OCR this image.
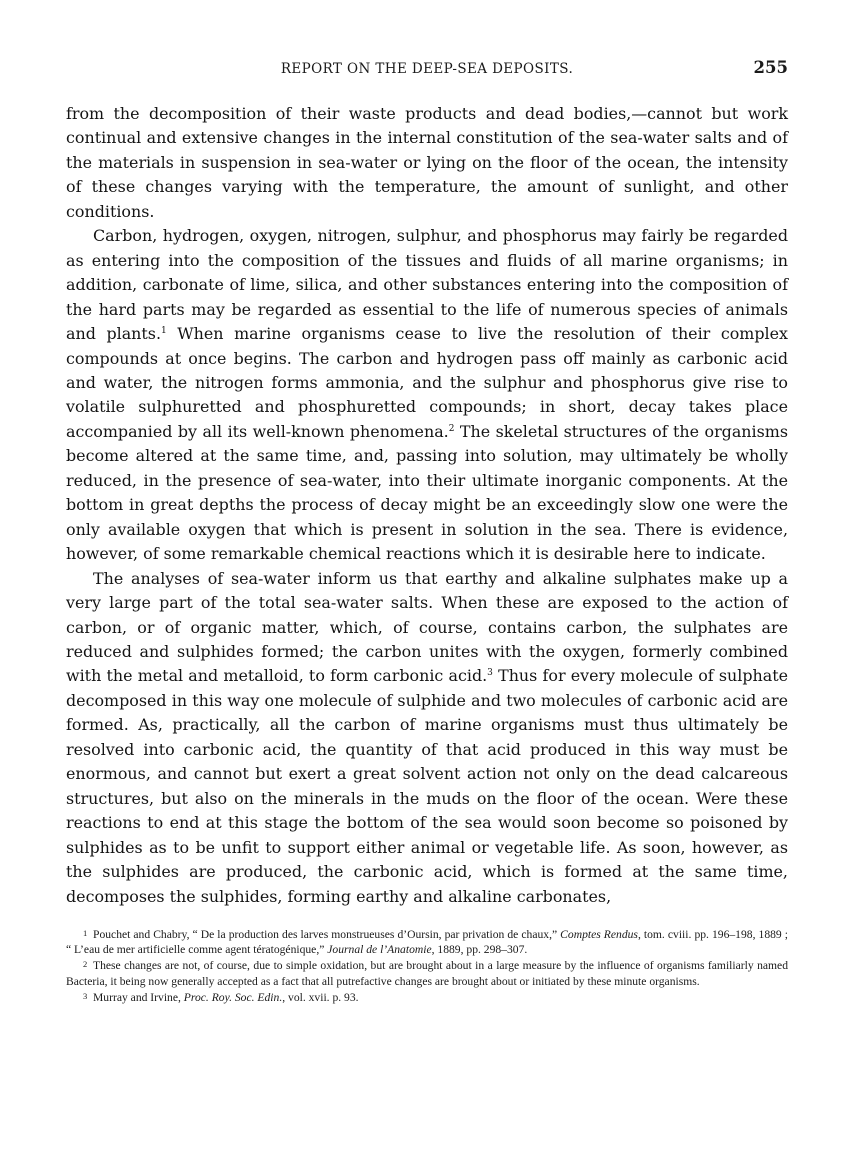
REPORT ON THE DEEP-SEA DEPOSITS.	255

from the decomposition of their waste products and dead bodies,—cannot but work continual and extensive changes in the internal constitution of the sea-water salts and of the materials in suspension in sea-water or lying on the floor of the ocean, the intensity of these changes varying with the temperature, the amount of sunlight, and other conditions.

Carbon, hydrogen, oxygen, nitrogen, sulphur, and phosphorus may fairly be regarded as entering into the composition of the tissues and fluids of all marine organisms; in addition, carbonate of lime, silica, and other substances entering into the composition of the hard parts may be regarded as essential to the life of numerous species of animals and plants.$^1$ When marine organisms cease to live the resolution of their complex compounds at once begins. The carbon and hydrogen pass off mainly as carbonic acid and water, the nitrogen forms ammonia, and the sulphur and phosphorus give rise to volatile sulphuretted and phosphuretted compounds; in short, decay takes place accompanied by all its well-known phenomena.$^2$ The skeletal structures of the organisms become altered at the same time, and, passing into solution, may ultimately be wholly reduced, in the presence of sea-water, into their ultimate inorganic components. At the bottom in great depths the process of decay might be an exceedingly slow one were the only available oxygen that which is present in solution in the sea. There is evidence, however, of some remarkable chemical reactions which it is desirable here to indicate.

The analyses of sea-water inform us that earthy and alkaline sulphates make up a very large part of the total sea-water salts. When these are exposed to the action of carbon, or of organic matter, which, of course, contains carbon, the sulphates are reduced and sulphides formed; the carbon unites with the oxygen, formerly combined with the metal and metalloid, to form carbonic acid.$^3$ Thus for every molecule of sulphate decomposed in this way one molecule of sulphide and two molecules of carbonic acid are formed. As, practically, all the carbon of marine organisms must thus ultimately be resolved into carbonic acid, the quantity of that acid produced in this way must be enormous, and cannot but exert a great solvent action not only on the dead calcareous structures, but also on the minerals in the muds on the floor of the ocean. Were these reactions to end at this stage the bottom of the sea would soon become so poisoned by sulphides as to be unfit to support either animal or vegetable life. As soon, however, as the sulphides are produced, the carbonic acid, which is formed at the same time, decomposes the sulphides, forming earthy and alkaline carbonates,

1 Pouchet and Chabry, “ De la production des larves monstrueuses d’Oursin, par privation de chaux,” Comptes Rendus, tom. cviii. pp. 196–198, 1889 ; “ L’eau de mer artificielle comme agent tératogénique,” Journal de l’Anatomie, 1889, pp. 298–307.

2 These changes are not, of course, due to simple oxidation, but are brought about in a large measure by the influence of organisms familiarly named Bacteria, it being now generally accepted as a fact that all putrefactive changes are brought about or initiated by these minute organisms.

3 Murray and Irvine, Proc. Roy. Soc. Edin., vol. xvii. p. 93.
